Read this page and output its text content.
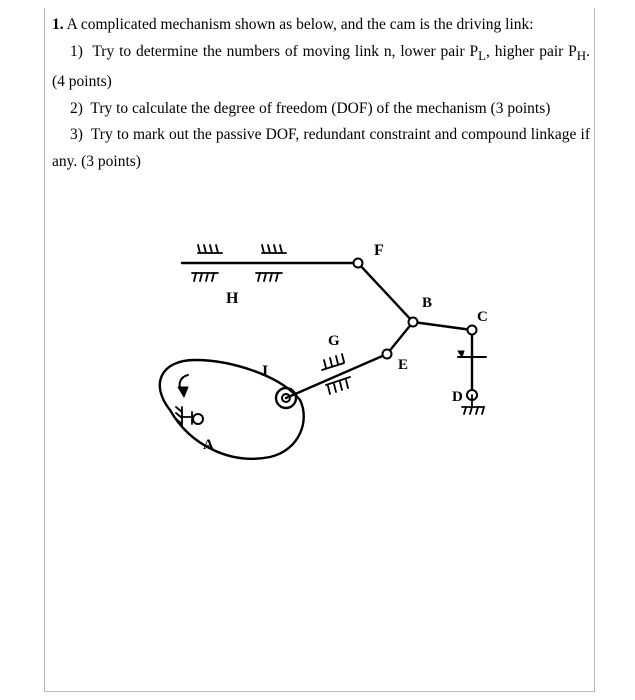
1. A complicated mechanism shown as below, and the cam is the driving link:

1) Try to determine the numbers of moving link n, lower pair $P_L$, higher pair $P_H$. (4 points)

2) Try to calculate the degree of freedom (DOF) of the mechanism (3 points)

3) Try to mark out the passive DOF, redundant constraint and compound linkage if any. (3 points)

F
H	B
C
G
I	E
D
A
